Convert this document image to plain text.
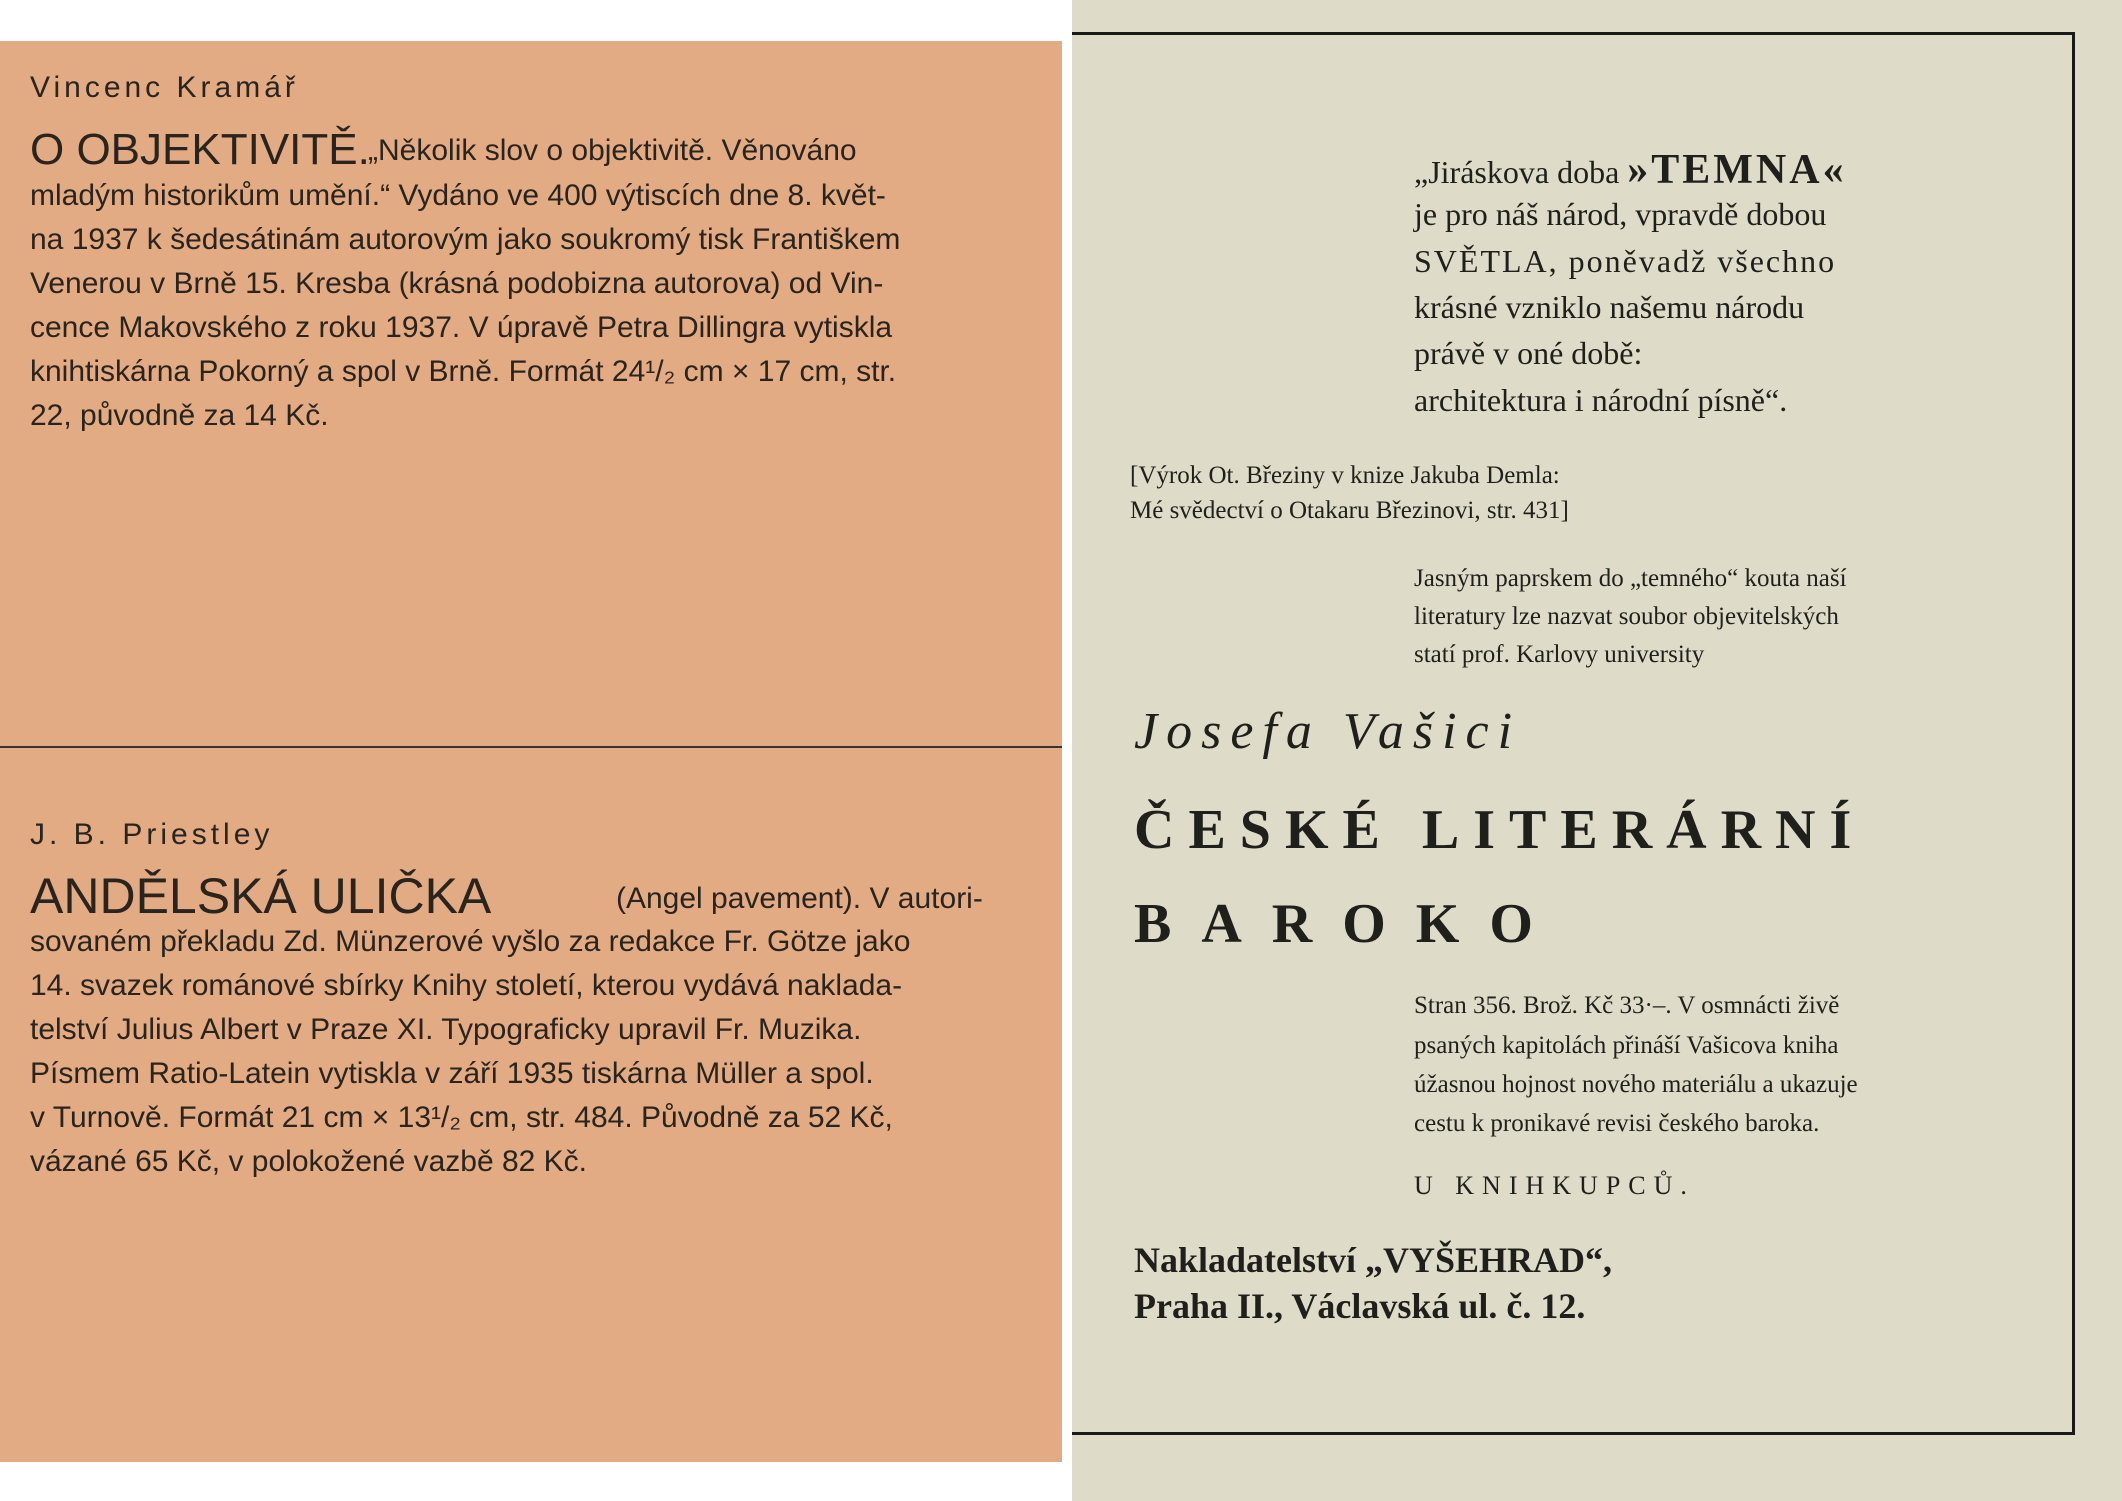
Vincenc Kramář

O OBJEKTIVITĚ.

„Několik slov o objektivitě. Věnováno

mladým historikům umění.“ Vydáno ve 400 výtiscích dne 8. květ-

na 1937 k šedesátinám autorovým jako soukromý tisk Františkem

Venerou v Brně 15. Kresba (krásná podobizna autorova) od Vin-

cence Makovského z roku 1937. V úpravě Petra Dillingra vytiskla

knihtiskárna Pokorný a spol v Brně. Formát 24¹/₂ cm × 17 cm, str.

22, původně za 14 Kč.

J. B. Priestley

ANDĚLSKÁ ULIČKA	(Angel pavement). V autori-

sovaném překladu Zd. Münzerové vyšlo za redakce Fr. Götze jako

14. svazek románové sbírky Knihy století, kterou vydává naklada-

telství Julius Albert v Praze XI. Typograficky upravil Fr. Muzika.

Písmem Ratio-Latein vytiskla v září 1935 tiskárna Müller a spol.

v Turnově. Formát 21 cm × 13¹/₂ cm, str. 484. Původně za 52 Kč,

vázané 65 Kč, v polokožené vazbě 82 Kč.

„Jiráskova doba »TEMNA«

je pro náš národ, vpravdě dobou

SVĚTLA, poněvadž všechno

krásné vzniklo našemu národu

právě v oné době:

architektura i národní písně“.

[Výrok Ot. Březiny v knize Jakuba Demla:

Mé svědectví o Otakaru Březinovi, str. 431]

Jasným paprskem do „temného“ kouta naší

literatury lze nazvat soubor objevitelských

statí prof. Karlovy university

Josefa Vašici

ČESKÉ LITERÁRNÍ

BAROKO

Stran 356. Brož. Kč 33·–. V osmnácti živě

psaných kapitolách přináší Vašicova kniha

úžasnou hojnost nového materiálu a ukazuje

cestu k pronikavé revisi českého baroka.

U KNIHKUPCŮ.

Nakladatelství „VYŠEHRAD“,

Praha II., Václavská ul. č. 12.
